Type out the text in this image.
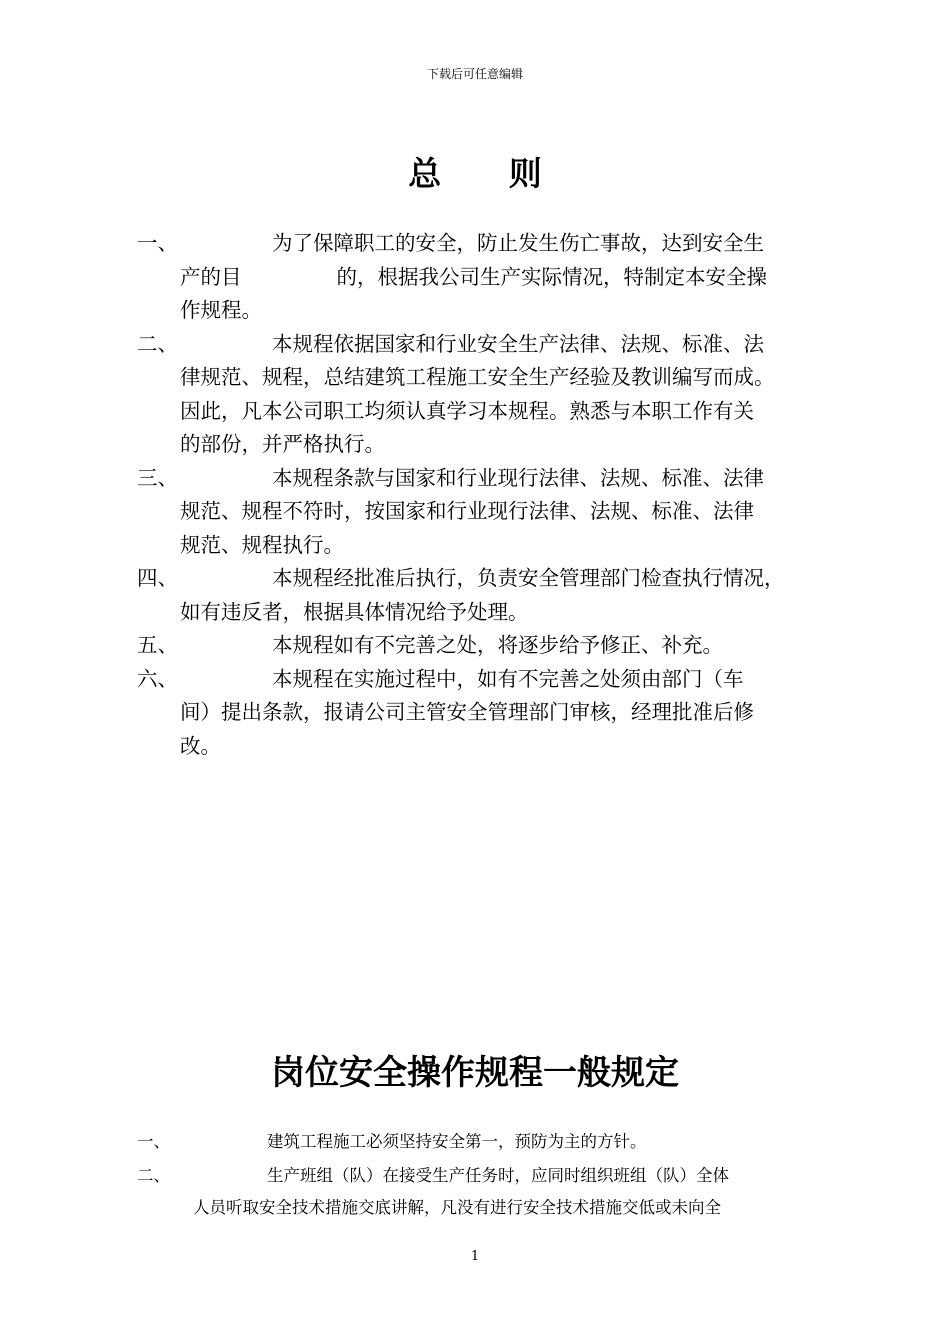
下载后可任意编辑
总 则
一、	为了保障职工的安全，防止发生伤亡事故，达到安全生
产的目	的，根据我公司生产实际情况，特制定本安全操
作规程。
二、	本规程依据国家和行业安全生产法律、法规、标准、法
律规范、规程，总结建筑工程施工安全生产经验及教训编写而成。
因此，凡本公司职工均须认真学习本规程。熟悉与本职工作有关
的部份，并严格执行。
三、	本规程条款与国家和行业现行法律、法规、标准、法律
规范、规程不符时，按国家和行业现行法律、法规、标准、法律
规范、规程执行。
四、	本规程经批准后执行，负责安全管理部门检查执行情况，
如有违反者，根据具体情况给予处理。
五、	本规程如有不完善之处，将逐步给予修正、补充。
六、	本规程在实施过程中，如有不完善之处须由部门（车
间）提出条款，报请公司主管安全管理部门审核，经理批准后修
改。
岗位安全操作规程一般规定
一、	建筑工程施工必须坚持安全第一，预防为主的方针。
二、	生产班组（队）在接受生产任务时，应同时组织班组（队）全体
人员听取安全技术措施交底讲解，凡没有进行安全技术措施交低或未向全
1
